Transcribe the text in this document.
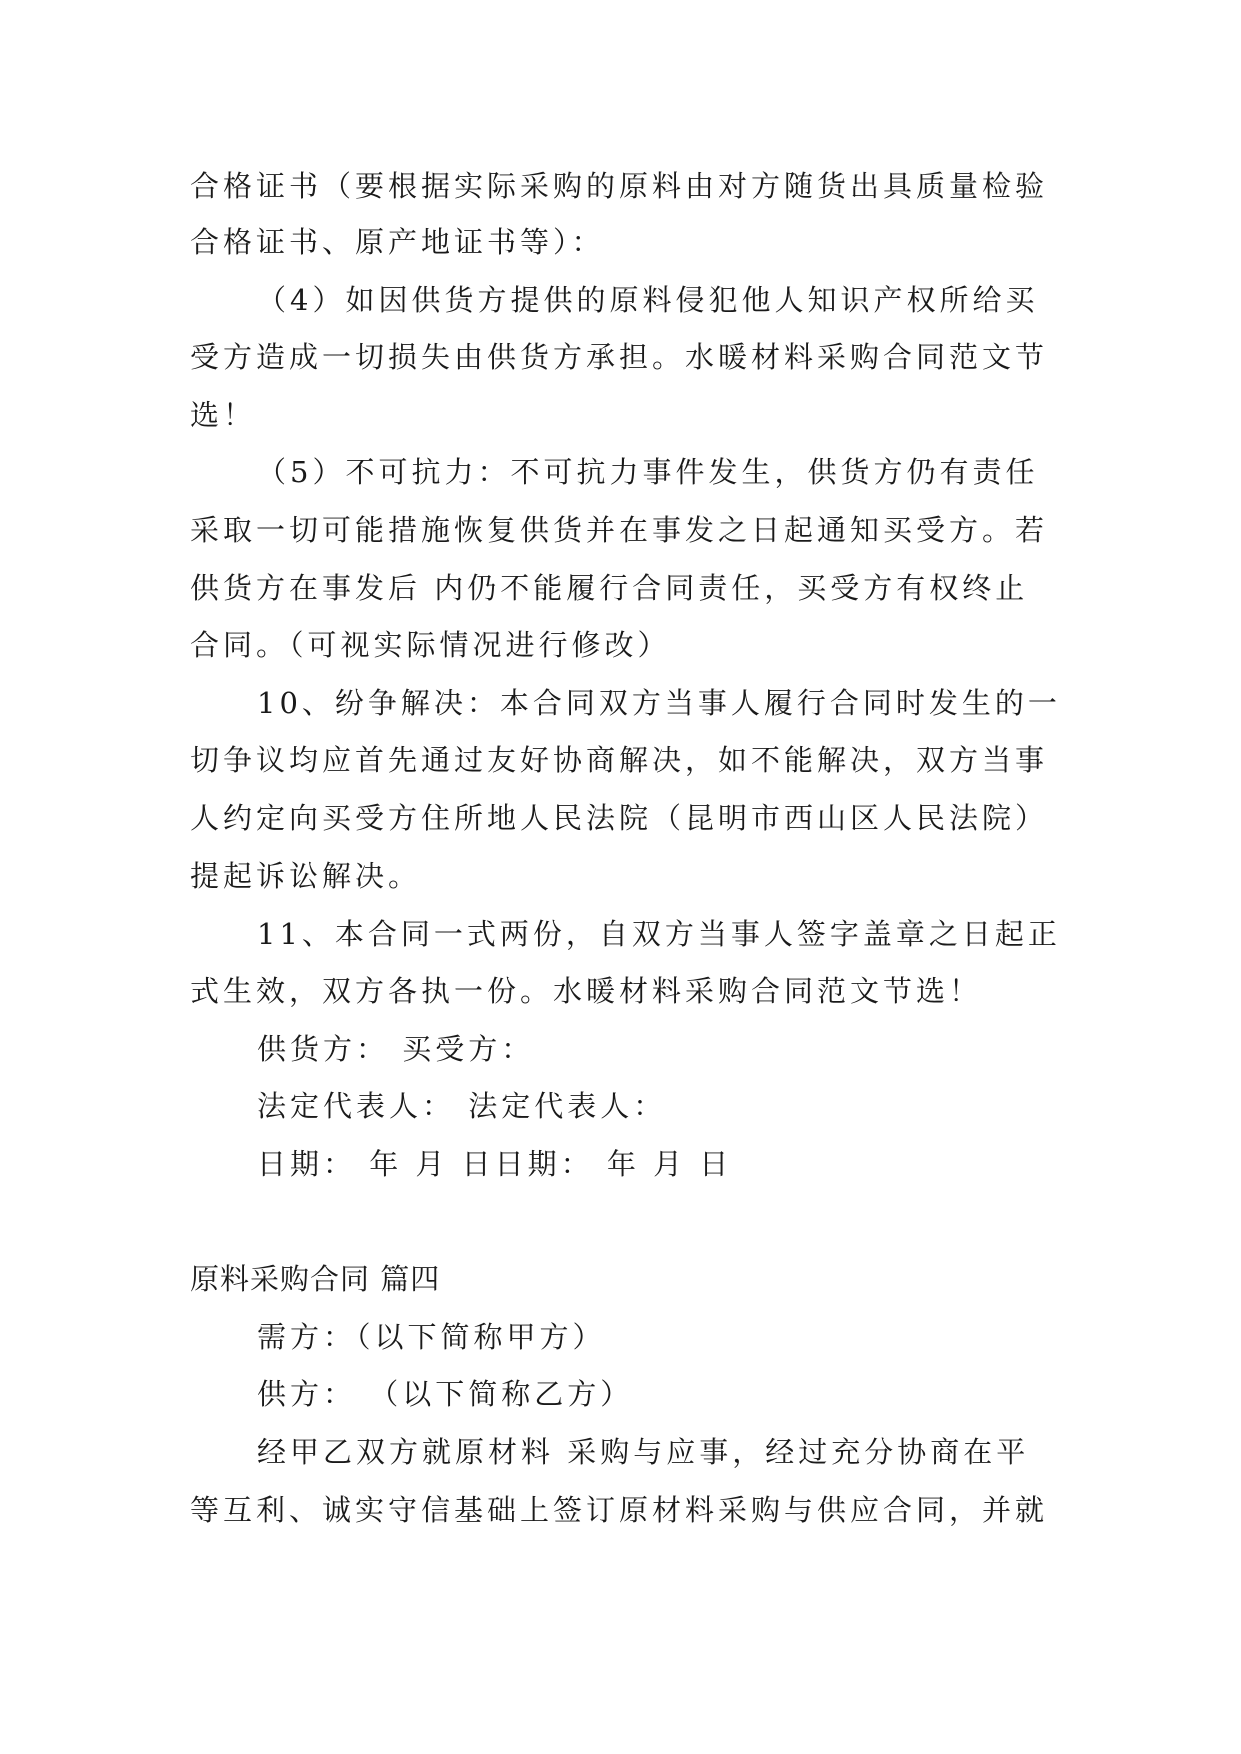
合格证书（要根据实际采购的原料由对方随货出具质量检验

合格证书、原产地证书等）：

（4）如因供货方提供的原料侵犯他人知识产权所给买

受方造成一切损失由供货方承担。水暖材料采购合同范文节

选！

（5）不可抗力：不可抗力事件发生，供货方仍有责任

采取一切可能措施恢复供货并在事发之日起通知买受方。若

供货方在事发后 内仍不能履行合同责任，买受方有权终止

合同。（可视实际情况进行修改）

10、纷争解决：本合同双方当事人履行合同时发生的一

切争议均应首先通过友好协商解决，如不能解决，双方当事

人约定向买受方住所地人民法院（昆明市西山区人民法院）

提起诉讼解决。

11、本合同一式两份，自双方当事人签字盖章之日起正

式生效，双方各执一份。水暖材料采购合同范文节选！

供货方： 买受方：

法定代表人： 法定代表人：

日期： 年 月 日日期： 年 月 日

原料采购合同 篇四

需方：（以下简称甲方）

供方： （以下简称乙方）

经甲乙双方就原材料 采购与应事，经过充分协商在平

等互利、诚实守信基础上签订原材料采购与供应合同，并就
